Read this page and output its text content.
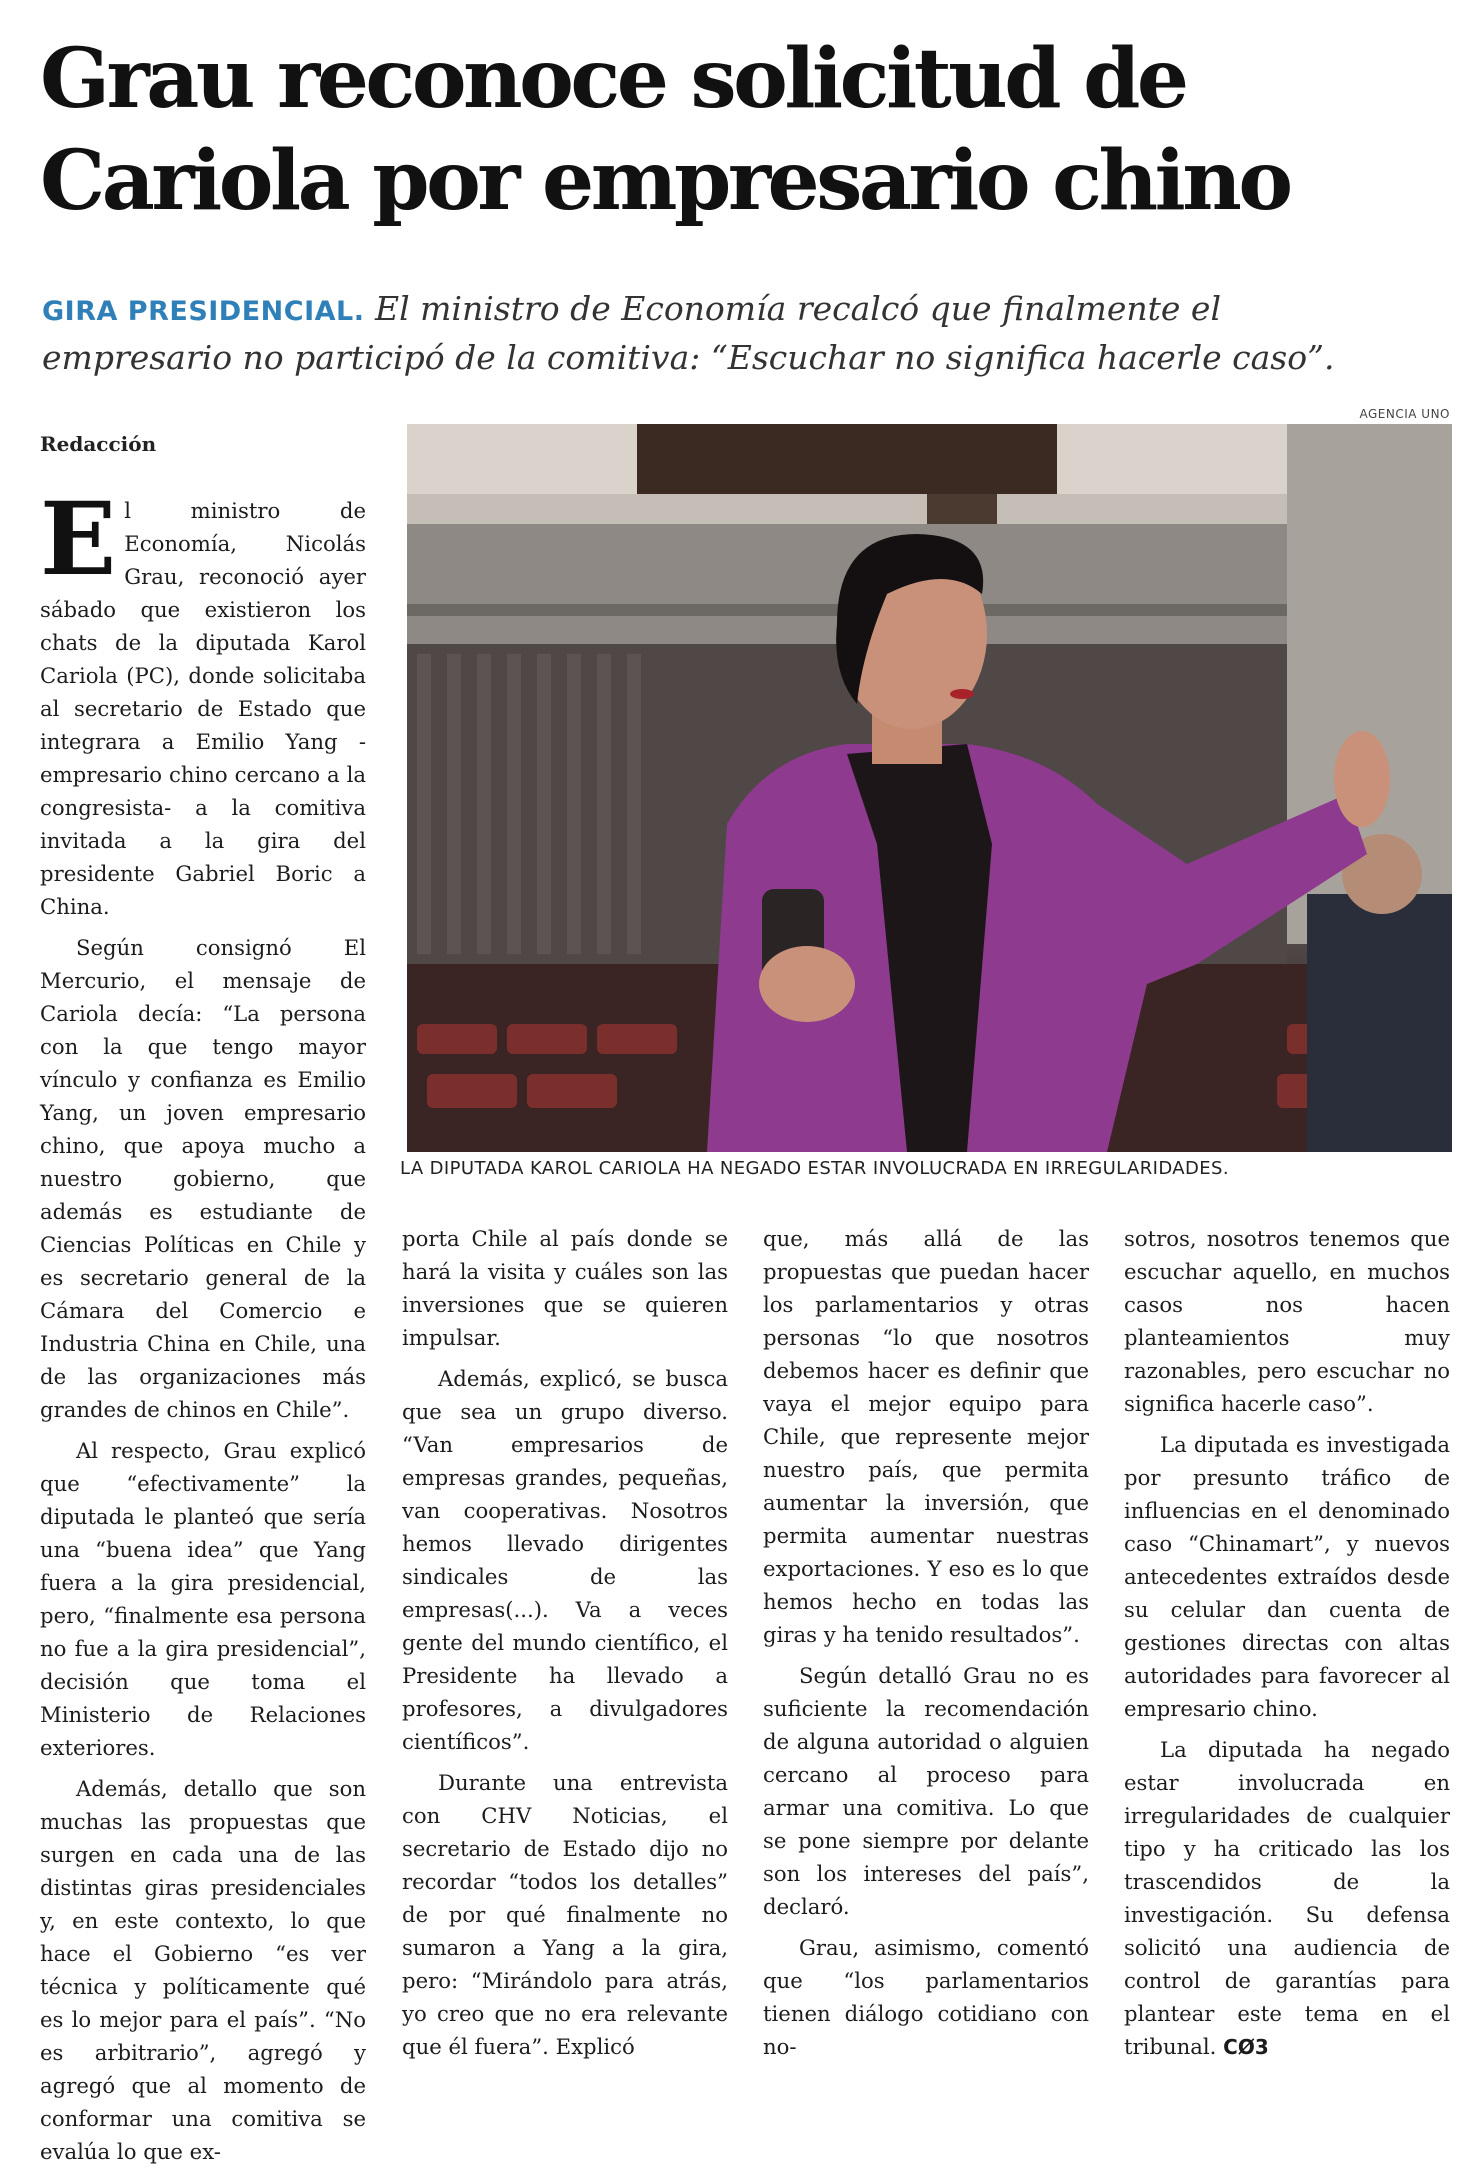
Grau reconoce solicitud de
Cariola por empresario chino
GIRA PRESIDENCIAL. El ministro de Economía recalcó que finalmente el
empresario no participó de la comitiva: “Escuchar no significa hacerle caso”.
AGENCIA UNO
LA DIPUTADA KAROL CARIOLA HA NEGADO ESTAR INVOLUCRADA EN IRREGULARIDADES.
Redacción

El ministro de Economía, Nicolás Grau, reconoció ayer sábado que existieron los chats de la diputada Karol Cariola (PC), donde solicitaba al secretario de Estado que integrara a Emilio Yang -empresario chino cercano a la congresista- a la comitiva invitada a la gira del presidente Gabriel Boric a China.

Según consignó El Mercurio, el mensaje de Cariola decía: “La persona con la que tengo mayor vínculo y confianza es Emilio Yang, un joven empresario chino, que apoya mucho a nuestro gobierno, que además es estudiante de Ciencias Políticas en Chile y es secretario general de la Cámara del Comercio e Industria China en Chile, una de las organizaciones más grandes de chinos en Chile”.

Al respecto, Grau explicó que “efectivamente” la diputada le planteó que sería una “buena idea” que Yang fuera a la gira presidencial, pero, “finalmente esa persona no fue a la gira presidencial”, decisión que toma el Ministerio de Relaciones exteriores.

Además, detallo que son muchas las propuestas que surgen en cada una de las distintas giras presidenciales y, en este contexto, lo que hace el Gobierno “es ver técnica y políticamente qué es lo mejor para el país”. “No es arbitrario”, agregó y agregó que al momento de conformar una comitiva se evalúa lo que ex-

porta Chile al país donde se hará la visita y cuáles son las inversiones que se quieren impulsar.

Además, explicó, se busca que sea un grupo diverso. “Van empresarios de empresas grandes, pequeñas, van cooperativas. Nosotros hemos llevado dirigentes sindicales de las empresas(...). Va a veces gente del mundo científico, el Presidente ha llevado a profesores, a divulgadores científicos”.

Durante una entrevista con CHV Noticias, el secretario de Estado dijo no recordar “todos los detalles” de por qué finalmente no sumaron a Yang a la gira, pero: “Mirándolo para atrás, yo creo que no era relevante que él fuera”. Explicó

que, más allá de las propuestas que puedan hacer los parlamentarios y otras personas “lo que nosotros debemos hacer es definir que vaya el mejor equipo para Chile, que represente mejor nuestro país, que permita aumentar la inversión, que permita aumentar nuestras exportaciones. Y eso es lo que hemos hecho en todas las giras y ha tenido resultados”.

Según detalló Grau no es suficiente la recomendación de alguna autoridad o alguien cercano al proceso para armar una comitiva. Lo que se pone siempre por delante son los intereses del país”, declaró.

Grau, asimismo, comentó que “los parlamentarios tienen diálogo cotidiano con no-

sotros, nosotros tenemos que escuchar aquello, en muchos casos nos hacen planteamientos muy razonables, pero escuchar no significa hacerle caso”.

La diputada es investigada por presunto tráfico de influencias en el denominado caso “Chinamart”, y nuevos antecedentes extraídos desde su celular dan cuenta de gestiones directas con altas autoridades para favorecer al empresario chino.

La diputada ha negado estar involucrada en irregularidades de cualquier tipo y ha criticado las los trascendidos de la investigación. Su defensa solicitó una audiencia de control de garantías para plantear este tema en el tribunal. CØ3
